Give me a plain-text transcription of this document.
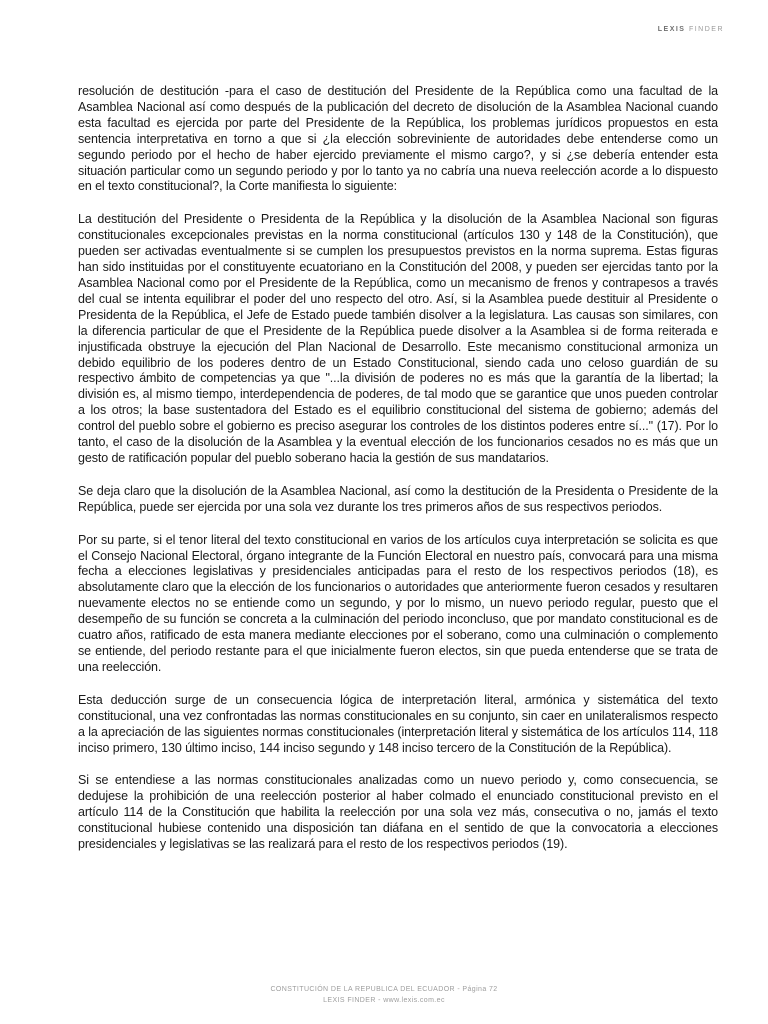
LEXIS FINDER

resolución de destitución -para el caso de destitución del Presidente de la República como una facultad de la Asamblea Nacional así como después de la publicación del decreto de disolución de la Asamblea Nacional cuando esta facultad es ejercida por parte del Presidente de la República, los problemas jurídicos propuestos en esta sentencia interpretativa en torno a que si ¿la elección sobreviniente de autoridades debe entenderse como un segundo periodo por el hecho de haber ejercido previamente el mismo cargo?, y si ¿se debería entender esta situación particular como un segundo periodo y por lo tanto ya no cabría una nueva reelección acorde a lo dispuesto en el texto constitucional?, la Corte manifiesta lo siguiente:

La destitución del Presidente o Presidenta de la República y la disolución de la Asamblea Nacional son figuras constitucionales excepcionales previstas en la norma constitucional (artículos 130 y 148 de la Constitución), que pueden ser activadas eventualmente si se cumplen los presupuestos previstos en la norma suprema. Estas figuras han sido instituidas por el constituyente ecuatoriano en la Constitución del 2008, y pueden ser ejercidas tanto por la Asamblea Nacional como por el Presidente de la República, como un mecanismo de frenos y contrapesos a través del cual se intenta equilibrar el poder del uno respecto del otro. Así, si la Asamblea puede destituir al Presidente o Presidenta de la República, el Jefe de Estado puede también disolver a la legislatura. Las causas son similares, con la diferencia particular de que el Presidente de la República puede disolver a la Asamblea si de forma reiterada e injustificada obstruye la ejecución del Plan Nacional de Desarrollo. Este mecanismo constitucional armoniza un debido equilibrio de los poderes dentro de un Estado Constitucional, siendo cada uno celoso guardián de su respectivo ámbito de competencias ya que "...la división de poderes no es más que la garantía de la libertad; la división es, al mismo tiempo, interdependencia de poderes, de tal modo que se garantice que unos pueden controlar a los otros; la base sustentadora del Estado es el equilibrio constitucional del sistema de gobierno; además del control del pueblo sobre el gobierno es preciso asegurar los controles de los distintos poderes entre sí..." (17). Por lo tanto, el caso de la disolución de la Asamblea y la eventual elección de los funcionarios cesados no es más que un gesto de ratificación popular del pueblo soberano hacia la gestión de sus mandatarios.

Se deja claro que la disolución de la Asamblea Nacional, así como la destitución de la Presidenta o Presidente de la República, puede ser ejercida por una sola vez durante los tres primeros años de sus respectivos periodos.

Por su parte, si el tenor literal del texto constitucional en varios de los artículos cuya interpretación se solicita es que el Consejo Nacional Electoral, órgano integrante de la Función Electoral en nuestro país, convocará para una misma fecha a elecciones legislativas y presidenciales anticipadas para el resto de los respectivos periodos (18), es absolutamente claro que la elección de los funcionarios o autoridades que anteriormente fueron cesados y resultaren nuevamente electos no se entiende como un segundo, y por lo mismo, un nuevo periodo regular, puesto que el desempeño de su función se concreta a la culminación del periodo inconcluso, que por mandato constitucional es de cuatro años, ratificado de esta manera mediante elecciones por el soberano, como una culminación o complemento se entiende, del periodo restante para el que inicialmente fueron electos, sin que pueda entenderse que se trata de una reelección.

Esta deducción surge de un consecuencia lógica de interpretación literal, armónica y sistemática del texto constitucional, una vez confrontadas las normas constitucionales en su conjunto, sin caer en unilateralismos respecto a la apreciación de las siguientes normas constitucionales (interpretación literal y sistemática de los artículos 114, 118 inciso primero, 130 último inciso, 144 inciso segundo y 148 inciso tercero de la Constitución de la República).

Si se entendiese a las normas constitucionales analizadas como un nuevo periodo y, como consecuencia, se dedujese la prohibición de una reelección posterior al haber colmado el enunciado constitucional previsto en el artículo 114 de la Constitución que habilita la reelección por una sola vez más, consecutiva o no, jamás el texto constitucional hubiese contenido una disposición tan diáfana en el sentido de que la convocatoria a elecciones presidenciales y legislativas se las realizará para el resto de los respectivos periodos (19).

CONSTITUCIÓN DE LA REPUBLICA DEL ECUADOR - Página 72
LEXIS FINDER - www.lexis.com.ec
